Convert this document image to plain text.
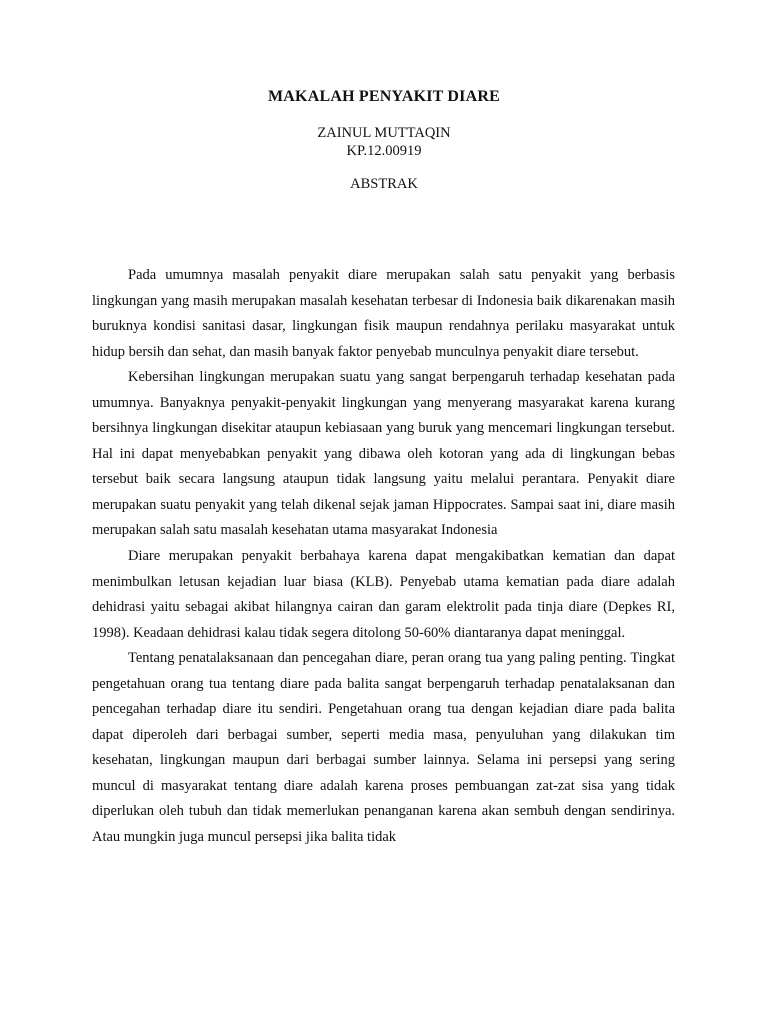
MAKALAH PENYAKIT DIARE
ZAINUL MUTTAQIN
KP.12.00919
ABSTRAK

Pada umumnya masalah penyakit diare merupakan salah satu penyakit yang berbasis lingkungan yang masih merupakan masalah kesehatan terbesar di Indonesia baik dikarenakan masih buruknya kondisi sanitasi dasar, lingkungan fisik maupun rendahnya perilaku masyarakat untuk hidup bersih dan sehat, dan masih banyak faktor penyebab munculnya penyakit diare tersebut.

Kebersihan lingkungan merupakan suatu yang sangat berpengaruh terhadap kesehatan pada umumnya. Banyaknya penyakit-penyakit lingkungan yang menyerang masyarakat karena kurang bersihnya lingkungan disekitar ataupun kebiasaan yang buruk yang mencemari lingkungan tersebut. Hal ini dapat menyebabkan penyakit yang dibawa oleh kotoran yang ada di lingkungan bebas tersebut baik secara langsung ataupun tidak langsung yaitu melalui perantara. Penyakit diare merupakan suatu penyakit yang telah dikenal sejak jaman Hippocrates. Sampai saat ini, diare masih merupakan salah satu masalah kesehatan utama masyarakat Indonesia

Diare merupakan penyakit berbahaya karena dapat mengakibatkan kematian dan dapat menimbulkan letusan kejadian luar biasa (KLB). Penyebab utama kematian pada diare adalah dehidrasi yaitu sebagai akibat hilangnya cairan dan garam elektrolit pada tinja diare (Depkes RI, 1998). Keadaan dehidrasi kalau tidak segera ditolong 50-60% diantaranya dapat meninggal.

Tentang penatalaksanaan dan pencegahan diare, peran orang tua yang paling penting. Tingkat pengetahuan orang tua tentang diare pada balita sangat berpengaruh terhadap penatalaksanan dan pencegahan terhadap diare itu sendiri. Pengetahuan orang tua dengan kejadian diare pada balita dapat diperoleh dari berbagai sumber, seperti media masa, penyuluhan yang dilakukan tim kesehatan, lingkungan maupun dari berbagai sumber lainnya. Selama ini persepsi yang sering muncul di masyarakat tentang diare adalah karena proses pembuangan zat-zat sisa yang tidak diperlukan oleh tubuh dan tidak memerlukan penanganan karena akan sembuh dengan sendirinya. Atau mungkin juga muncul persepsi jika balita tidak
